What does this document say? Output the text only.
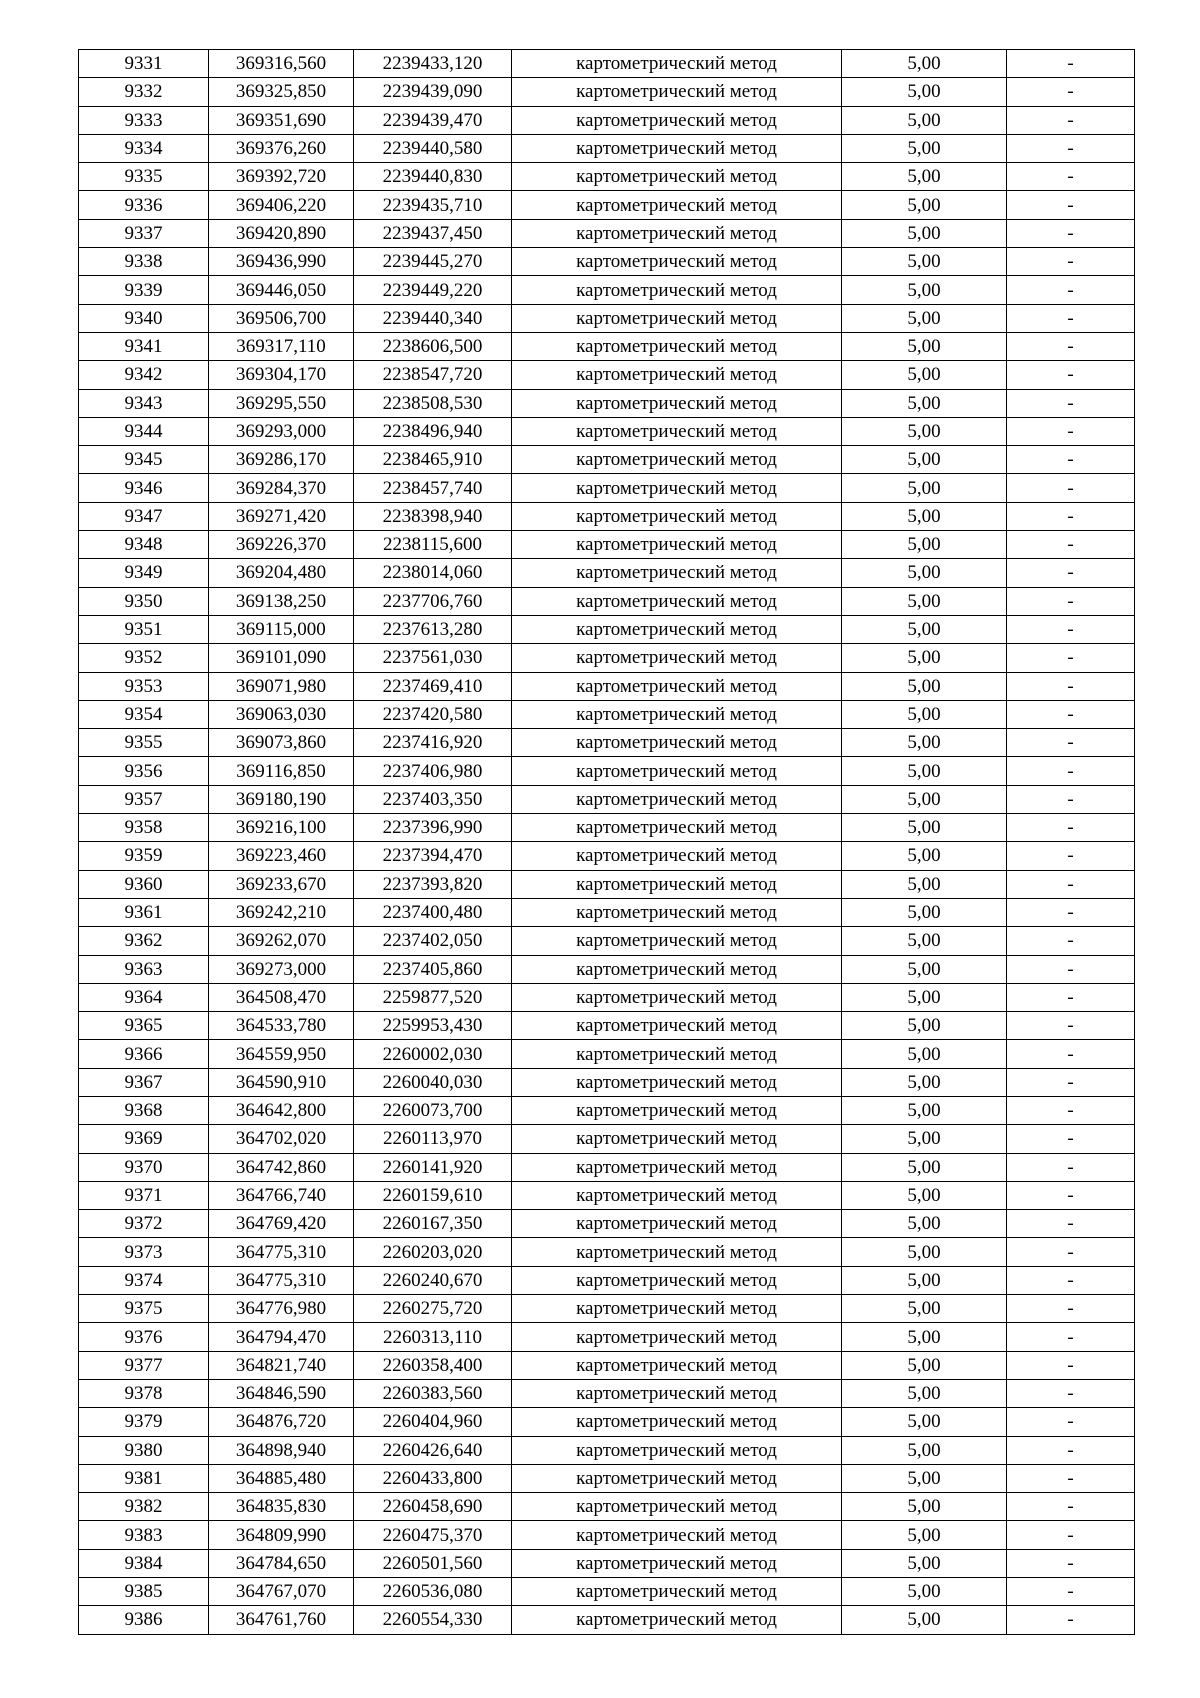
9331	369316,560	2239433,120	картометрический метод	5,00	-
9332	369325,850	2239439,090	картометрический метод	5,00	-
9333	369351,690	2239439,470	картометрический метод	5,00	-
9334	369376,260	2239440,580	картометрический метод	5,00	-
9335	369392,720	2239440,830	картометрический метод	5,00	-
9336	369406,220	2239435,710	картометрический метод	5,00	-
9337	369420,890	2239437,450	картометрический метод	5,00	-
9338	369436,990	2239445,270	картометрический метод	5,00	-
9339	369446,050	2239449,220	картометрический метод	5,00	-
9340	369506,700	2239440,340	картометрический метод	5,00	-
9341	369317,110	2238606,500	картометрический метод	5,00	-
9342	369304,170	2238547,720	картометрический метод	5,00	-
9343	369295,550	2238508,530	картометрический метод	5,00	-
9344	369293,000	2238496,940	картометрический метод	5,00	-
9345	369286,170	2238465,910	картометрический метод	5,00	-
9346	369284,370	2238457,740	картометрический метод	5,00	-
9347	369271,420	2238398,940	картометрический метод	5,00	-
9348	369226,370	2238115,600	картометрический метод	5,00	-
9349	369204,480	2238014,060	картометрический метод	5,00	-
9350	369138,250	2237706,760	картометрический метод	5,00	-
9351	369115,000	2237613,280	картометрический метод	5,00	-
9352	369101,090	2237561,030	картометрический метод	5,00	-
9353	369071,980	2237469,410	картометрический метод	5,00	-
9354	369063,030	2237420,580	картометрический метод	5,00	-
9355	369073,860	2237416,920	картометрический метод	5,00	-
9356	369116,850	2237406,980	картометрический метод	5,00	-
9357	369180,190	2237403,350	картометрический метод	5,00	-
9358	369216,100	2237396,990	картометрический метод	5,00	-
9359	369223,460	2237394,470	картометрический метод	5,00	-
9360	369233,670	2237393,820	картометрический метод	5,00	-
9361	369242,210	2237400,480	картометрический метод	5,00	-
9362	369262,070	2237402,050	картометрический метод	5,00	-
9363	369273,000	2237405,860	картометрический метод	5,00	-
9364	364508,470	2259877,520	картометрический метод	5,00	-
9365	364533,780	2259953,430	картометрический метод	5,00	-
9366	364559,950	2260002,030	картометрический метод	5,00	-
9367	364590,910	2260040,030	картометрический метод	5,00	-
9368	364642,800	2260073,700	картометрический метод	5,00	-
9369	364702,020	2260113,970	картометрический метод	5,00	-
9370	364742,860	2260141,920	картометрический метод	5,00	-
9371	364766,740	2260159,610	картометрический метод	5,00	-
9372	364769,420	2260167,350	картометрический метод	5,00	-
9373	364775,310	2260203,020	картометрический метод	5,00	-
9374	364775,310	2260240,670	картометрический метод	5,00	-
9375	364776,980	2260275,720	картометрический метод	5,00	-
9376	364794,470	2260313,110	картометрический метод	5,00	-
9377	364821,740	2260358,400	картометрический метод	5,00	-
9378	364846,590	2260383,560	картометрический метод	5,00	-
9379	364876,720	2260404,960	картометрический метод	5,00	-
9380	364898,940	2260426,640	картометрический метод	5,00	-
9381	364885,480	2260433,800	картометрический метод	5,00	-
9382	364835,830	2260458,690	картометрический метод	5,00	-
9383	364809,990	2260475,370	картометрический метод	5,00	-
9384	364784,650	2260501,560	картометрический метод	5,00	-
9385	364767,070	2260536,080	картометрический метод	5,00	-
9386	364761,760	2260554,330	картометрический метод	5,00	-
